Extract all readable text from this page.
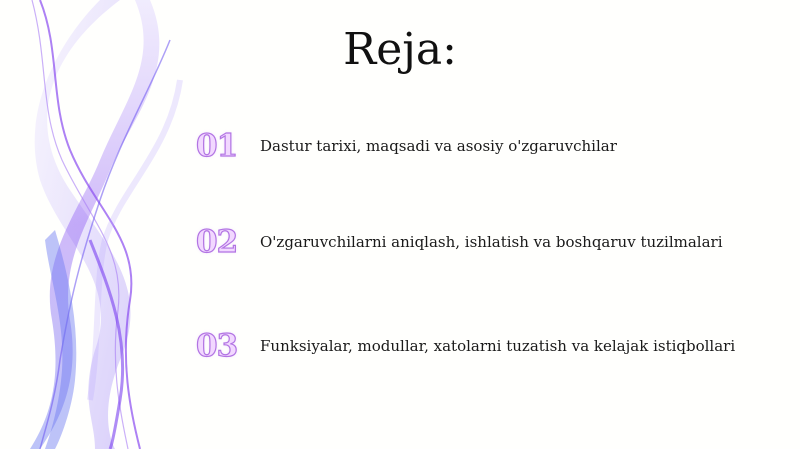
Reja:
01	Dastur tarixi, maqsadi va asosiy o'zgaruvchilar
02	O'zgaruvchilarni aniqlash, ishlatish va boshqaruv tuzilmalari
03	Funksiyalar, modullar, xatolarni tuzatish va kelajak istiqbollari
